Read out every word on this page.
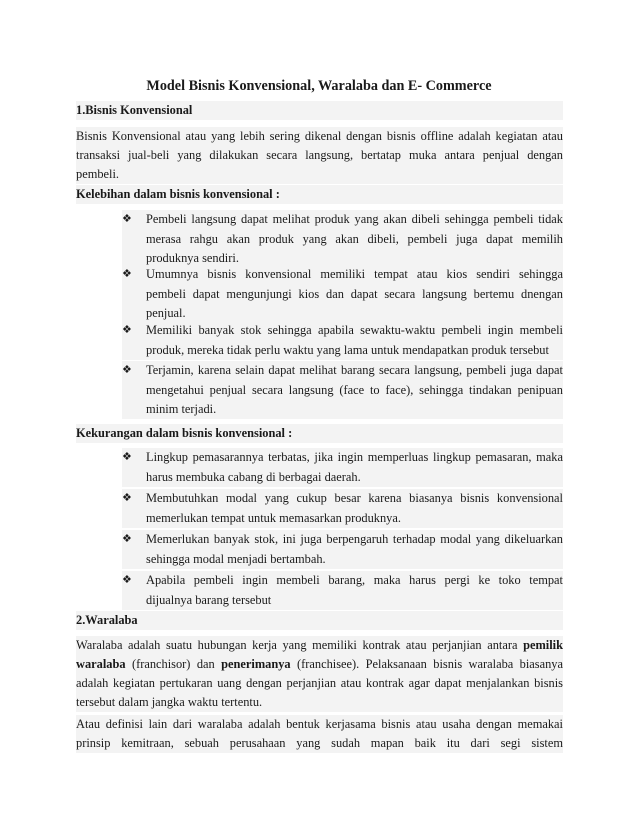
Model Bisnis Konvensional, Waralaba dan E- Commerce
1.Bisnis Konvensional
Bisnis Konvensional atau yang lebih sering dikenal dengan bisnis offline adalah kegiatan atau
transaksi jual-beli yang dilakukan secara langsung, bertatap muka antara penjual dengan
pembeli.
Kelebihan dalam bisnis konvensional :
❖	Pembeli langsung dapat melihat produk yang akan dibeli sehingga pembeli tidak
merasa rahgu akan produk yang akan dibeli, pembeli juga dapat memilih
produknya sendiri.
❖	Umumnya bisnis konvensional memiliki tempat atau kios sendiri sehingga
pembeli dapat mengunjungi kios dan dapat secara langsung bertemu dnengan
penjual.
❖	Memiliki banyak stok sehingga apabila sewaktu-waktu pembeli ingin membeli
produk, mereka tidak perlu waktu yang lama untuk mendapatkan produk tersebut
❖	Terjamin, karena selain dapat melihat barang secara langsung, pembeli juga dapat
mengetahui penjual secara langsung (face to face), sehingga tindakan penipuan
minim terjadi.
Kekurangan dalam bisnis konvensional :
❖	Lingkup pemasarannya terbatas, jika ingin memperluas lingkup pemasaran, maka
harus membuka cabang di berbagai daerah.
❖	Membutuhkan modal yang cukup besar karena biasanya bisnis konvensional
memerlukan tempat untuk memasarkan produknya.
❖	Memerlukan banyak stok, ini juga berpengaruh terhadap modal yang dikeluarkan
sehingga modal menjadi bertambah.
❖	Apabila pembeli ingin membeli barang, maka harus pergi ke toko tempat
dijualnya barang tersebut
2.Waralaba
Waralaba adalah suatu hubungan kerja yang memiliki kontrak atau perjanjian antara pemilik
waralaba (franchisor) dan penerimanya (franchisee). Pelaksanaan bisnis waralaba biasanya
adalah kegiatan pertukaran uang dengan perjanjian atau kontrak agar dapat menjalankan bisnis
tersebut dalam jangka waktu tertentu.
Atau definisi lain dari waralaba adalah bentuk kerjasama bisnis atau usaha dengan memakai
prinsip kemitraan, sebuah perusahaan yang sudah mapan baik itu dari segi sistem
